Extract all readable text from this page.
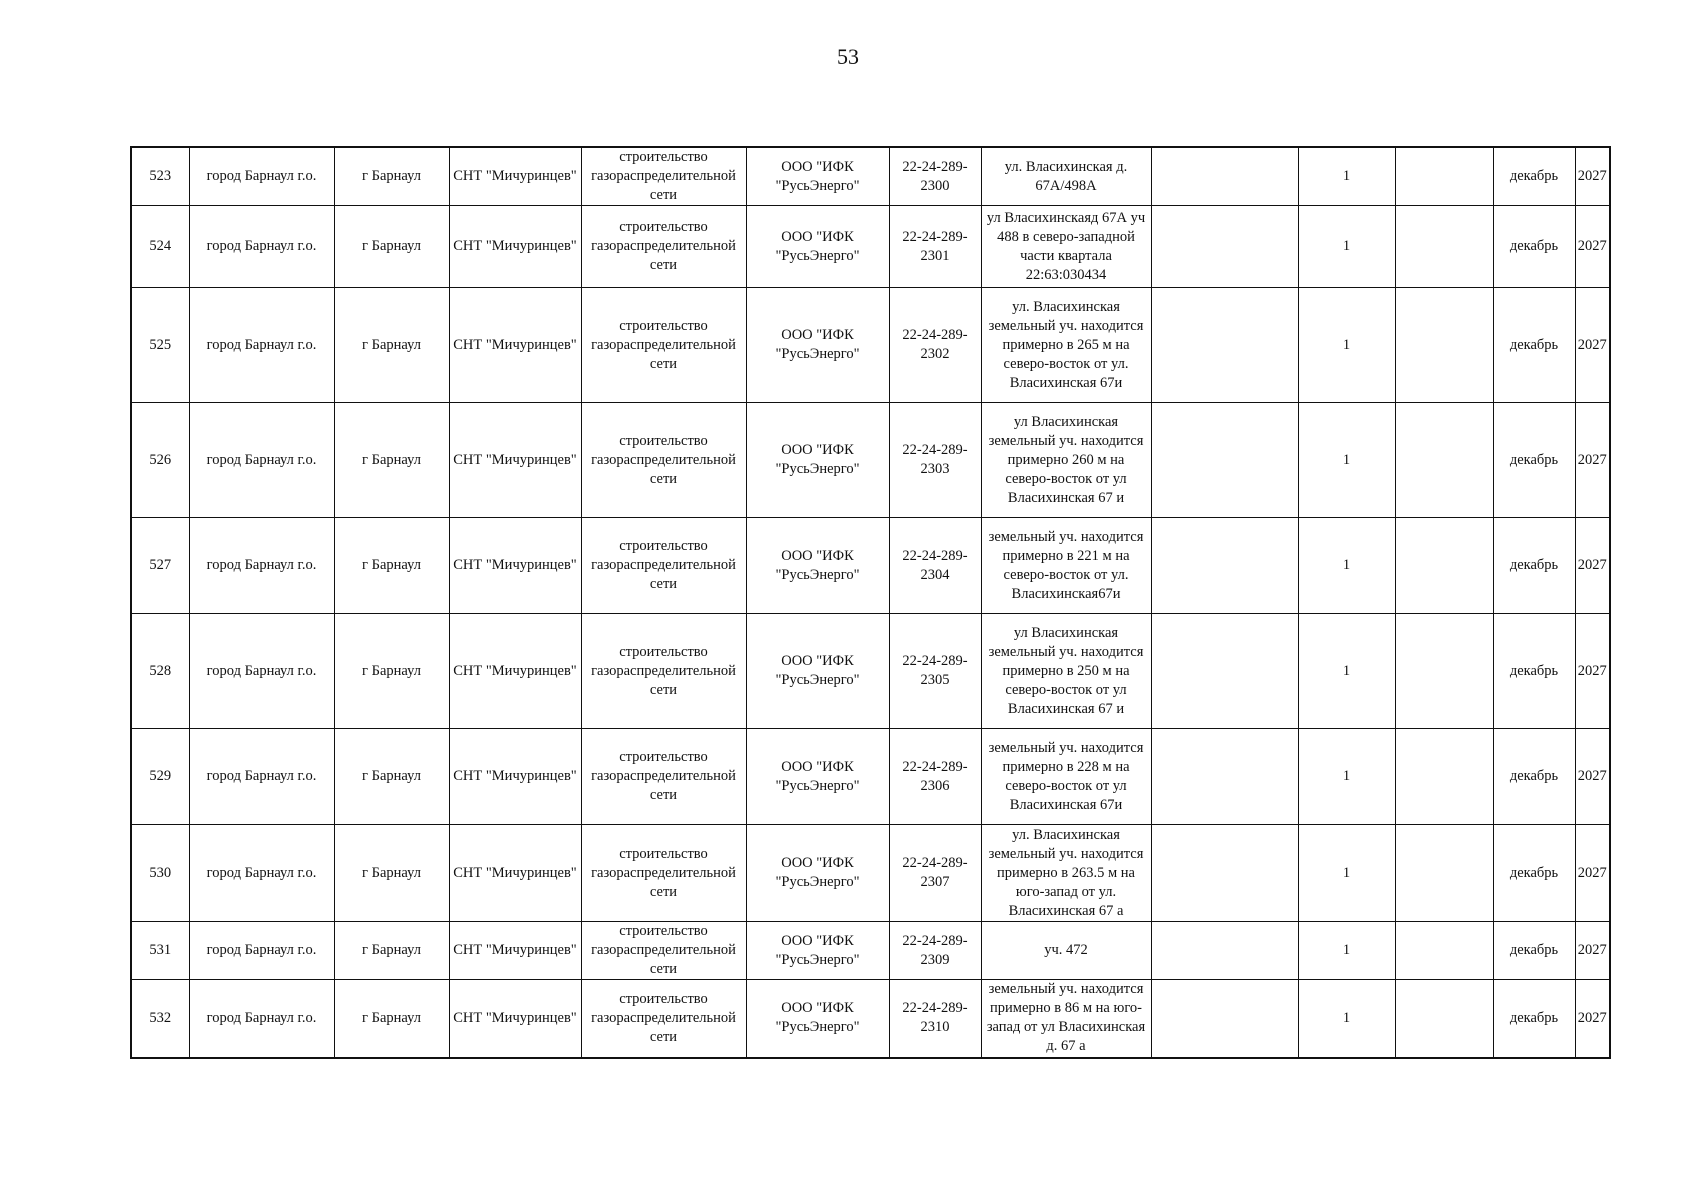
53
523	город Барнаул г.о.	г Барнаул	СНТ "Мичуринцев"	строительство газораспределительной сети	ООО "ИФК "РусьЭнерго"	22-24-289-2300	ул. Власихинская д. 67А/498А		1		декабрь	2027
524	город Барнаул г.о.	г Барнаул	СНТ "Мичуринцев"	строительство газораспределительной сети	ООО "ИФК "РусьЭнерго"	22-24-289-2301	ул Власихинскаяд 67А уч 488 в северо-западной части квартала 22:63:030434		1		декабрь	2027
525	город Барнаул г.о.	г Барнаул	СНТ "Мичуринцев"	строительство газораспределительной сети	ООО "ИФК "РусьЭнерго"	22-24-289-2302	ул. Власихинская земельный уч. находится примерно в 265 м на северо-восток от ул. Власихинская 67и		1		декабрь	2027
526	город Барнаул г.о.	г Барнаул	СНТ "Мичуринцев"	строительство газораспределительной сети	ООО "ИФК "РусьЭнерго"	22-24-289-2303	ул Власихинская земельный уч. находится примерно 260 м на северо-восток от ул Власихинская 67 и		1		декабрь	2027
527	город Барнаул г.о.	г Барнаул	СНТ "Мичуринцев"	строительство газораспределительной сети	ООО "ИФК "РусьЭнерго"	22-24-289-2304	земельный уч. находится примерно в 221 м на северо-восток от ул. Власихинская67и		1		декабрь	2027
528	город Барнаул г.о.	г Барнаул	СНТ "Мичуринцев"	строительство газораспределительной сети	ООО "ИФК "РусьЭнерго"	22-24-289-2305	ул Власихинская земельный уч. находится примерно в 250 м на северо-восток от ул Власихинская 67 и		1		декабрь	2027
529	город Барнаул г.о.	г Барнаул	СНТ "Мичуринцев"	строительство газораспределительной сети	ООО "ИФК "РусьЭнерго"	22-24-289-2306	земельный уч. находится примерно в 228 м на северо-восток от ул Власихинская 67и		1		декабрь	2027
530	город Барнаул г.о.	г Барнаул	СНТ "Мичуринцев"	строительство газораспределительной сети	ООО "ИФК "РусьЭнерго"	22-24-289-2307	ул. Власихинская земельный уч. находится примерно в 263.5 м на юго-запад от ул. Власихинская 67 а		1		декабрь	2027
531	город Барнаул г.о.	г Барнаул	СНТ "Мичуринцев"	строительство газораспределительной сети	ООО "ИФК "РусьЭнерго"	22-24-289-2309	уч. 472		1		декабрь	2027
532	город Барнаул г.о.	г Барнаул	СНТ "Мичуринцев"	строительство газораспределительной сети	ООО "ИФК "РусьЭнерго"	22-24-289-2310	земельный уч. находится примерно в 86 м на юго-запад от ул Власихинская д. 67 а		1		декабрь	2027
